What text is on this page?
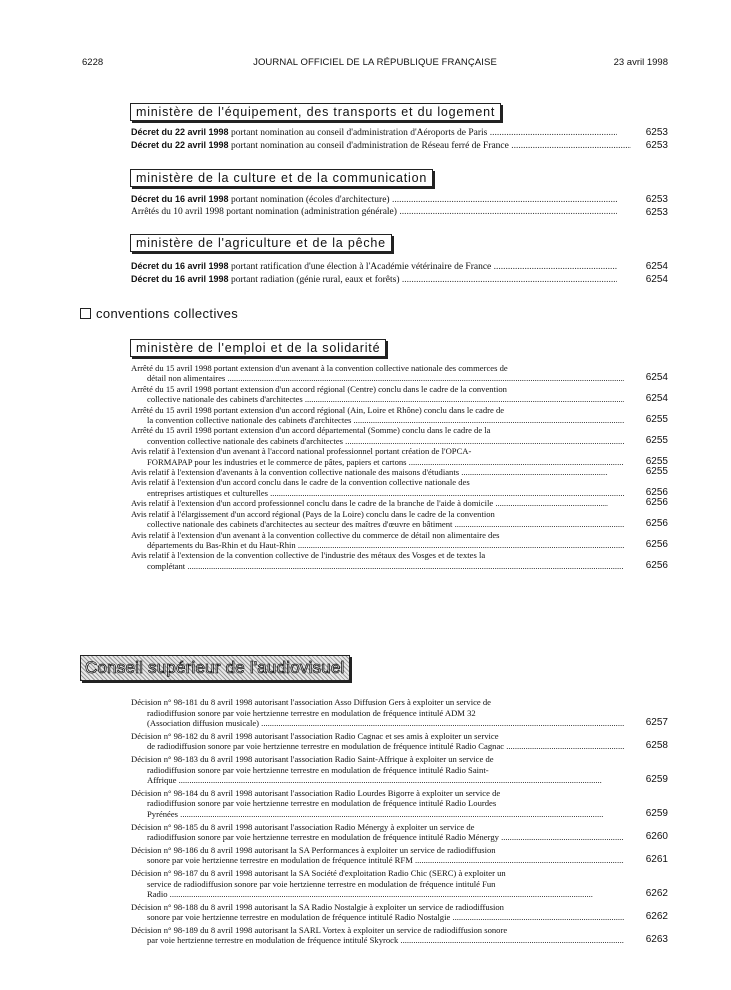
6228	JOURNAL OFFICIEL DE LA RÉPUBLIQUE FRANÇAISE	23 avril 1998
ministère de l'équipement, des transports et du logement
Décret du 22 avril 1998 portant nomination au conseil d'administration d'Aéroports de Paris .....	6253
Décret du 22 avril 1998 portant nomination au conseil d'administration de Réseau ferré de France .....	6253
ministère de la culture et de la communication
Décret du 16 avril 1998 portant nomination (écoles d'architecture) .....	6253
Arrêtés du 10 avril 1998 portant nomination (administration générale) .....	6253
ministère de l'agriculture et de la pêche
Décret du 16 avril 1998 portant ratification d'une élection à l'Académie vétérinaire de France .....	6254
Décret du 16 avril 1998 portant radiation (génie rural, eaux et forêts) .....	6254
conventions collectives
ministère de l'emploi et de la solidarité
Arrêté du 15 avril 1998 portant extension d'un avenant à la convention collective nationale des commerces de
détail non alimentaires .....	6254
Arrêté du 15 avril 1998 portant extension d'un accord régional (Centre) conclu dans le cadre de la convention
collective nationale des cabinets d'architectes .....	6254
Arrêté du 15 avril 1998 portant extension d'un accord régional (Ain, Loire et Rhône) conclu dans le cadre de
la convention collective nationale des cabinets d'architectes .....	6255
Arrêté du 15 avril 1998 portant extension d'un accord départemental (Somme) conclu dans le cadre de la
convention collective nationale des cabinets d'architectes .....	6255
Avis relatif à l'extension d'un avenant à l'accord national professionnel portant création de l'OPCA-
FORMAPAP pour les industries et le commerce de pâtes, papiers et cartons .....	6255
Avis relatif à l'extension d'avenants à la convention collective nationale des maisons d'étudiants .....	6255
Avis relatif à l'extension d'un accord conclu dans le cadre de la convention collective nationale des
entreprises artistiques et culturelles .....	6256
Avis relatif à l'extension d'un accord professionnel conclu dans le cadre de la branche de l'aide à domicile .....	6256
Avis relatif à l'élargissement d'un accord régional (Pays de la Loire) conclu dans le cadre de la convention
collective nationale des cabinets d'architectes au secteur des maîtres d'œuvre en bâtiment .....	6256
Avis relatif à l'extension d'un avenant à la convention collective du commerce de détail non alimentaire des
départements du Bas-Rhin et du Haut-Rhin .....	6256
Avis relatif à l'extension de la convention collective de l'industrie des métaux des Vosges et de textes la
complétant .....	6256
Conseil supérieur de l'audiovisuel
Décision n° 98-181 du 8 avril 1998 autorisant l'association Asso Diffusion Gers à exploiter un service de
radiodiffusion sonore par voie hertzienne terrestre en modulation de fréquence intitulé ADM 32
(Association diffusion musicale) .....	6257
Décision n° 98-182 du 8 avril 1998 autorisant l'association Radio Cagnac et ses amis à exploiter un service
de radiodiffusion sonore par voie hertzienne terrestre en modulation de fréquence intitulé Radio Cagnac .....	6258
Décision n° 98-183 du 8 avril 1998 autorisant l'association Radio Saint-Affrique à exploiter un service de
radiodiffusion sonore par voie hertzienne terrestre en modulation de fréquence intitulé Radio Saint-
Affrique .....	6259
Décision n° 98-184 du 8 avril 1998 autorisant l'association Radio Lourdes Bigorre à exploiter un service de
radiodiffusion sonore par voie hertzienne terrestre en modulation de fréquence intitulé Radio Lourdes
Pyrénées .....	6259
Décision n° 98-185 du 8 avril 1998 autorisant l'association Radio Ménergy à exploiter un service de
radiodiffusion sonore par voie hertzienne terrestre en modulation de fréquence intitulé Radio Ménergy .....	6260
Décision n° 98-186 du 8 avril 1998 autorisant la SA Performances à exploiter un service de radiodiffusion
sonore par voie hertzienne terrestre en modulation de fréquence intitulé RFM .....	6261
Décision n° 98-187 du 8 avril 1998 autorisant la SA Société d'exploitation Radio Chic (SERC) à exploiter un
service de radiodiffusion sonore par voie hertzienne terrestre en modulation de fréquence intitulé Fun
Radio .....	6262
Décision n° 98-188 du 8 avril 1998 autorisant la SA Radio Nostalgie à exploiter un service de radiodiffusion
sonore par voie hertzienne terrestre en modulation de fréquence intitulé Radio Nostalgie .....	6262
Décision n° 98-189 du 8 avril 1998 autorisant la SARL Vortex à exploiter un service de radiodiffusion sonore
par voie hertzienne terrestre en modulation de fréquence intitulé Skyrock .....	6263
